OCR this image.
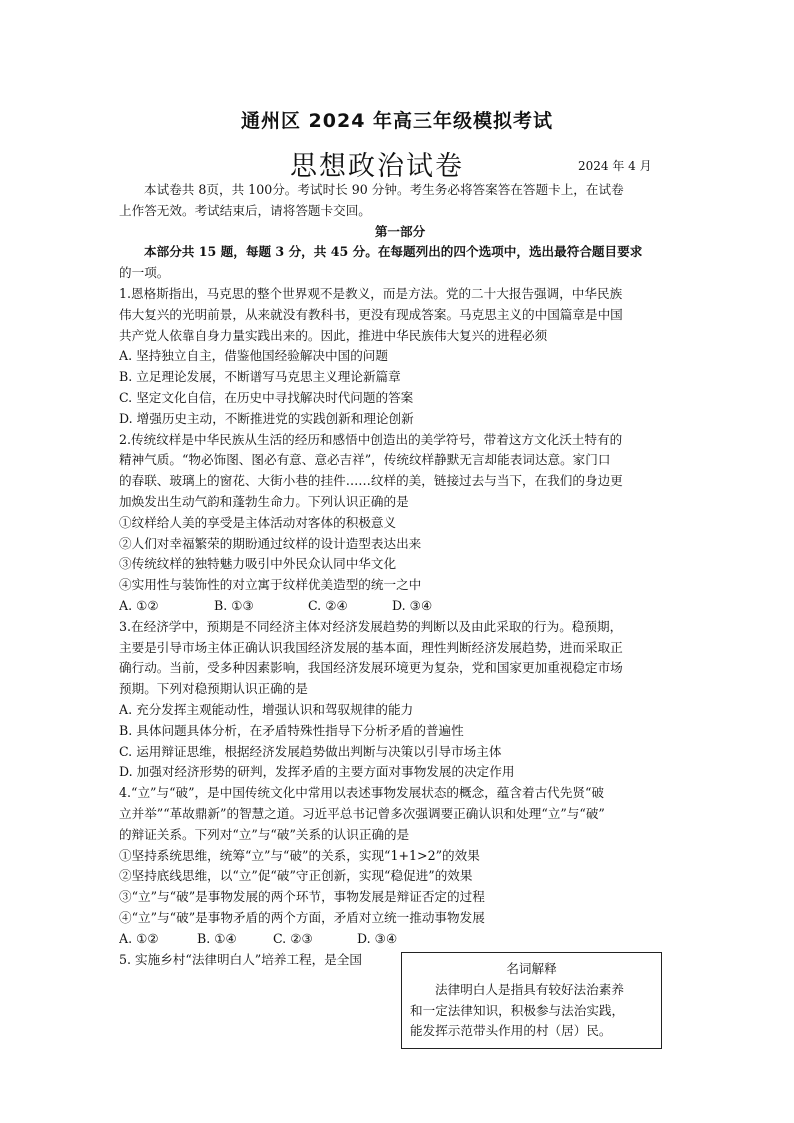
通州区 2024 年高三年级模拟考试
思想政治试卷	2024 年 4 月
本试卷共 8页，共 100分。考试时长 90 分钟。考生务必将答案答在答题卡上，在试卷
上作答无效。考试结束后，请将答题卡交回。
第一部分
本部分共 15 题，每题 3 分，共 45 分。在每题列出的四个选项中，选出最符合题目要求
的一项。
1.恩格斯指出，马克思的整个世界观不是教义，而是方法。党的二十大报告强调，中华民族
伟大复兴的光明前景，从来就没有教科书，更没有现成答案。马克思主义的中国篇章是中国
共产党人依靠自身力量实践出来的。因此，推进中华民族伟大复兴的进程必须
A. 坚持独立自主，借鉴他国经验解决中国的问题
B. 立足理论发展，不断谱写马克思主义理论新篇章
C. 坚定文化自信，在历史中寻找解决时代问题的答案
D. 增强历史主动，不断推进党的实践创新和理论创新
2.传统纹样是中华民族从生活的经历和感悟中创造出的美学符号，带着这方文化沃土特有的
精神气质。“物必饰图、图必有意、意必吉祥”，传统纹样静默无言却能表词达意。家门口
的春联、玻璃上的窗花、大街小巷的挂件……纹样的美，链接过去与当下，在我们的身边更
加焕发出生动气韵和蓬勃生命力。下列认识正确的是
①纹样给人美的享受是主体活动对客体的积极意义
②人们对幸福繁荣的期盼通过纹样的设计造型表达出来
③传统纹样的独特魅力吸引中外民众认同中华文化
④实用性与装饰性的对立寓于纹样优美造型的统一之中
A. ①②	B. ①③	C. ②④	D. ③④
3.在经济学中，预期是不同经济主体对经济发展趋势的判断以及由此采取的行为。稳预期，
主要是引导市场主体正确认识我国经济发展的基本面，理性判断经济发展趋势，进而采取正
确行动。当前，受多种因素影响，我国经济发展环境更为复杂，党和国家更加重视稳定市场
预期。下列对稳预期认识正确的是
A. 充分发挥主观能动性，增强认识和驾驭规律的能力
B. 具体问题具体分析，在矛盾特殊性指导下分析矛盾的普遍性
C. 运用辩证思维，根据经济发展趋势做出判断与决策以引导市场主体
D. 加强对经济形势的研判，发挥矛盾的主要方面对事物发展的决定作用
4.“立”与“破”，是中国传统文化中常用以表述事物发展状态的概念，蕴含着古代先贤“破
立并举”“革故鼎新”的智慧之道。习近平总书记曾多次强调要正确认识和处理“立”与“破”
的辩证关系。下列对“立”与“破”关系的认识正确的是
①坚持系统思维，统筹“立”与“破”的关系，实现“1+1>2”的效果
②坚持底线思维，以“立”促“破”守正创新，实现“稳促进”的效果
③“立”与“破”是事物发展的两个环节，事物发展是辩证否定的过程
④“立”与“破”是事物矛盾的两个方面，矛盾对立统一推动事物发展
A. ①②	B. ①④	C. ②③	D. ③④
5. 实施乡村“法律明白人”培养工程，是全国
名词解释
法律明白人是指具有较好法治素养
和一定法律知识，积极参与法治实践，
能发挥示范带头作用的村（居）民。
